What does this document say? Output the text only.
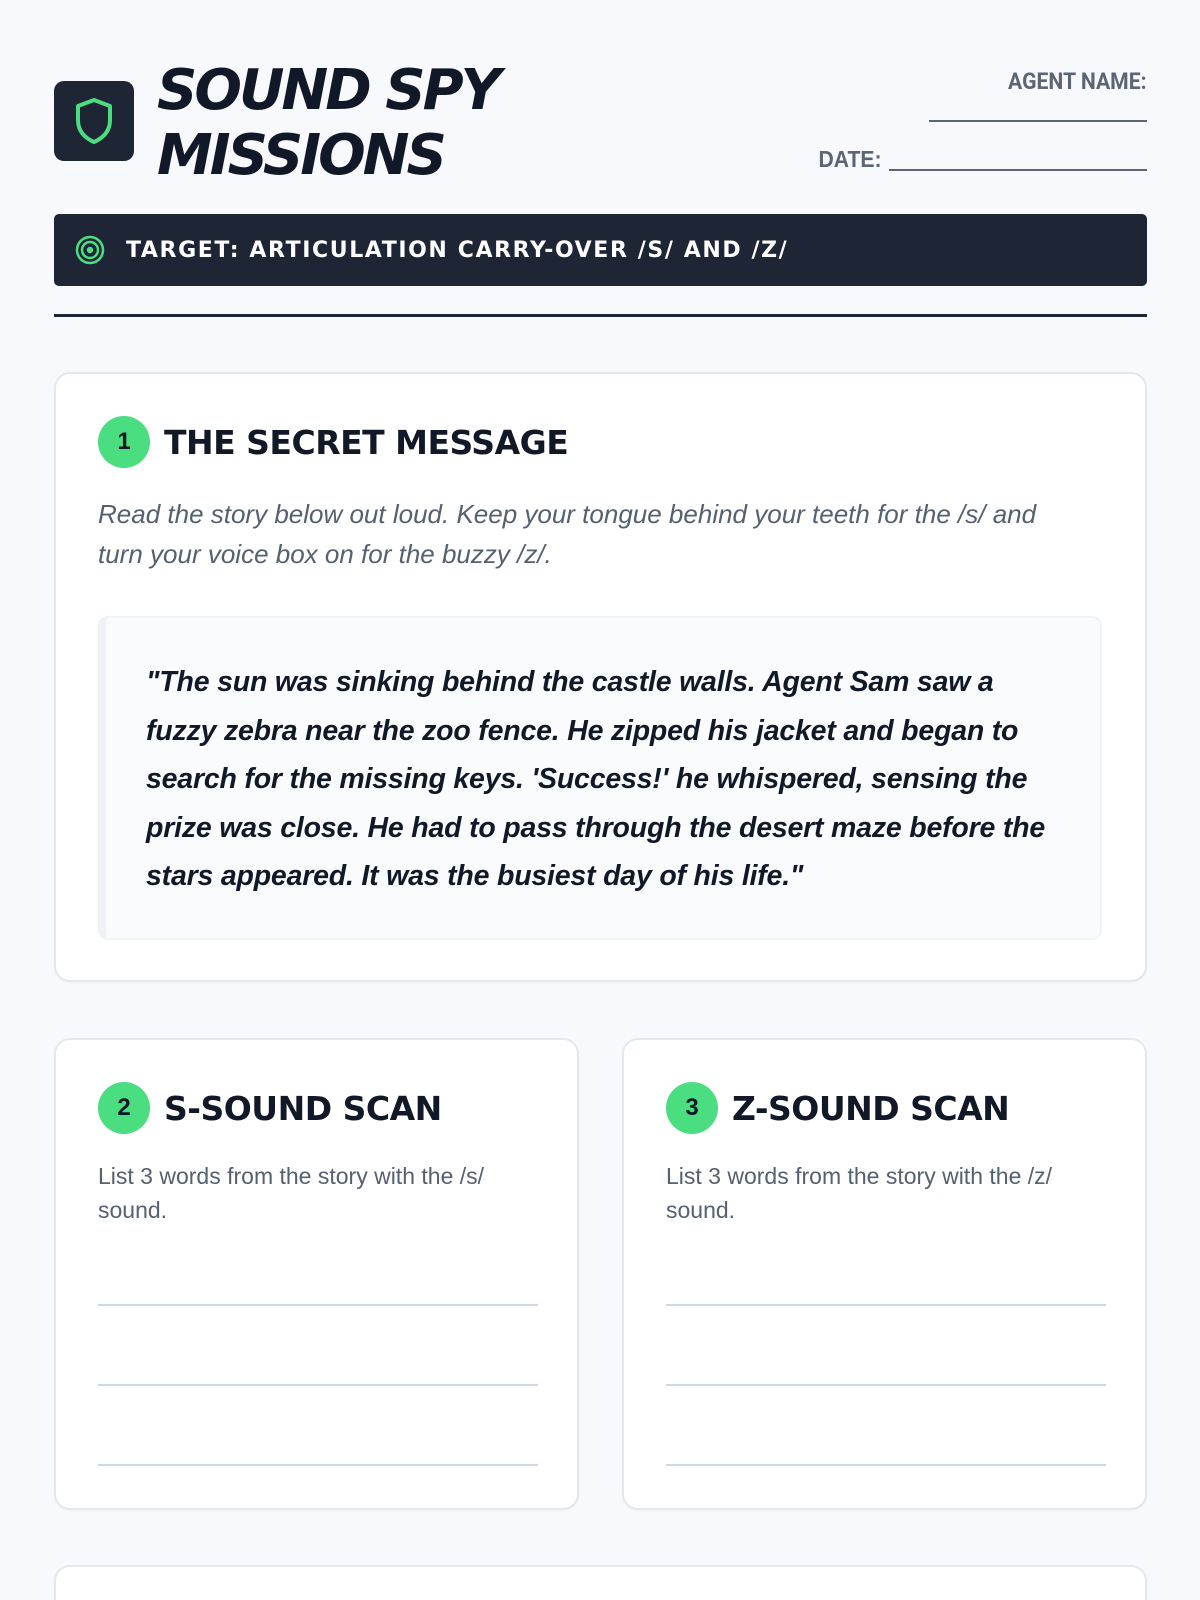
SOUND SPY
MISSIONS
AGENT NAME:
DATE:
TARGET: ARTICULATION CARRY-OVER /S/ AND /Z/
1	THE SECRET MESSAGE
Read the story below out loud. Keep your tongue behind your teeth for the /s/ and turn your voice box on for the buzzy /z/.
"The sun was sinking behind the castle walls. Agent Sam saw a fuzzy zebra near the zoo fence. He zipped his jacket and began to search for the missing keys. 'Success!' he whispered, sensing the prize was close. He had to pass through the desert maze before the stars appeared. It was the busiest day of his life."
2	S-SOUND SCAN
List 3 words from the story with the /s/ sound.
3	Z-SOUND SCAN
List 3 words from the story with the /z/ sound.
